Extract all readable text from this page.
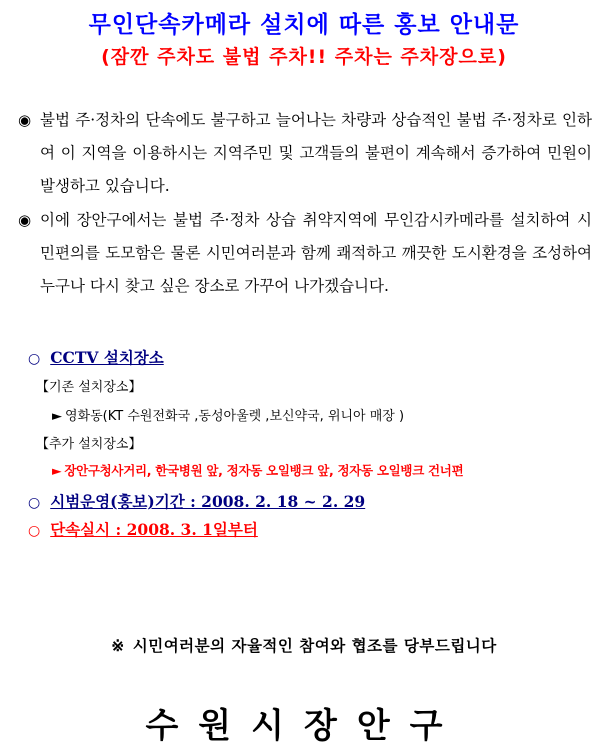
무인단속카메라 설치에 따른 홍보 안내문
(잠깐 주차도 불법 주차!! 주차는 주차장으로)
◉ 불법 주·정차의 단속에도 불구하고 늘어나는 차량과 상습적인 불법 주·정차로 인하여 이 지역을 이용하시는 지역주민 및 고객들의 불편이 계속해서 증가하여 민원이 발생하고 있습니다.
◉ 이에 장안구에서는 불법 주·정차 상습 취약지역에 무인감시카메라를 설치하여 시민편의를 도모함은 물론 시민여러분과 함께 쾌적하고 깨끗한 도시환경을 조성하여 누구나 다시 찾고 싶은 장소로 가꾸어 나가겠습니다.
○ CCTV 설치장소
【기존 설치장소】
► 영화동(KT 수원전화국 ,동성아울렛 ,보신약국, 위니아 매장 )
【추가 설치장소】
► 장안구청사거리, 한국병원 앞, 정자동 오일뱅크 앞, 정자동 오일뱅크 건너편
○ 시범운영(홍보)기간 : 2008. 2. 18 ~ 2. 29
○ 단속실시 : 2008. 3. 1일부터
※ 시민여러분의 자율적인 참여와 협조를 당부드립니다
수원시장안구
